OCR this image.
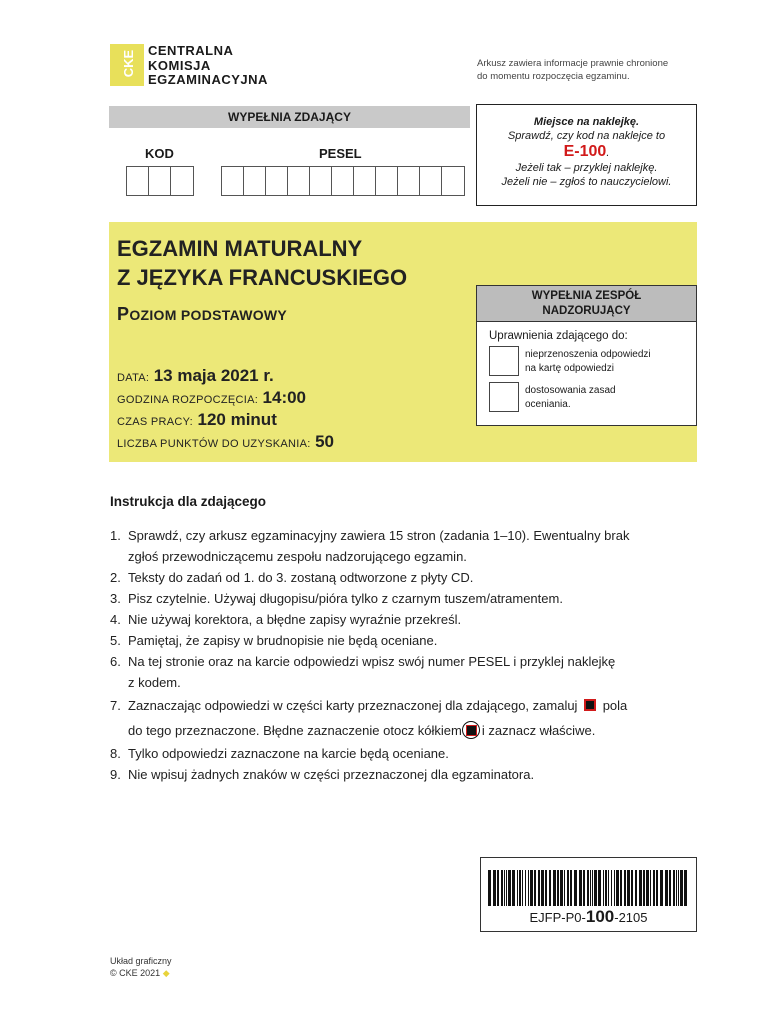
CKE CENTRALNA
KOMISJA
EGZAMINACYJNA
Arkusz zawiera informacje prawnie chronione
do momentu rozpoczęcia egzaminu.
WYPEŁNIA ZDAJĄCY
KOD	PESEL
Miejsce na naklejkę.
Sprawdź, czy kod na naklejce to
E-100.
Jeżeli tak – przyklej naklejkę.
Jeżeli nie – zgłoś to nauczycielowi.
EGZAMIN MATURALNY
Z JĘZYKA FRANCUSKIEGO
POZIOM PODSTAWOWY
DATA: 13 maja 2021 r.
GODZINA ROZPOCZĘCIA: 14:00
CZAS PRACY: 120 minut
LICZBA PUNKTÓW DO UZYSKANIA: 50
WYPEŁNIA ZESPÓŁ
NADZORUJĄCY
Uprawnienia zdającego do:
nieprzenoszenia odpowiedzi
na kartę odpowiedzi
dostosowania zasad
oceniania.
Instrukcja dla zdającego
1. Sprawdź, czy arkusz egzaminacyjny zawiera 15 stron (zadania 1–10). Ewentualny brak
zgłoś przewodniczącemu zespołu nadzorującego egzamin.
2. Teksty do zadań od 1. do 3. zostaną odtworzone z płyty CD.
3. Pisz czytelnie. Używaj długopisu/pióra tylko z czarnym tuszem/atramentem.
4. Nie używaj korektora, a błędne zapisy wyraźnie przekreśl.
5. Pamiętaj, że zapisy w brudnopisie nie będą oceniane.
6. Na tej stronie oraz na karcie odpowiedzi wpisz swój numer PESEL i przyklej naklejkę
z kodem.
7. Zaznaczając odpowiedzi w części karty przeznaczonej dla zdającego, zamaluj pola
do tego przeznaczone. Błędne zaznaczenie otocz kółkiem i zaznacz właściwe.
8. Tylko odpowiedzi zaznaczone na karcie będą oceniane.
9. Nie wpisuj żadnych znaków w części przeznaczonej dla egzaminatora.
EJFP-P0-100-2105
Układ graficzny
© CKE 2021 ◆
